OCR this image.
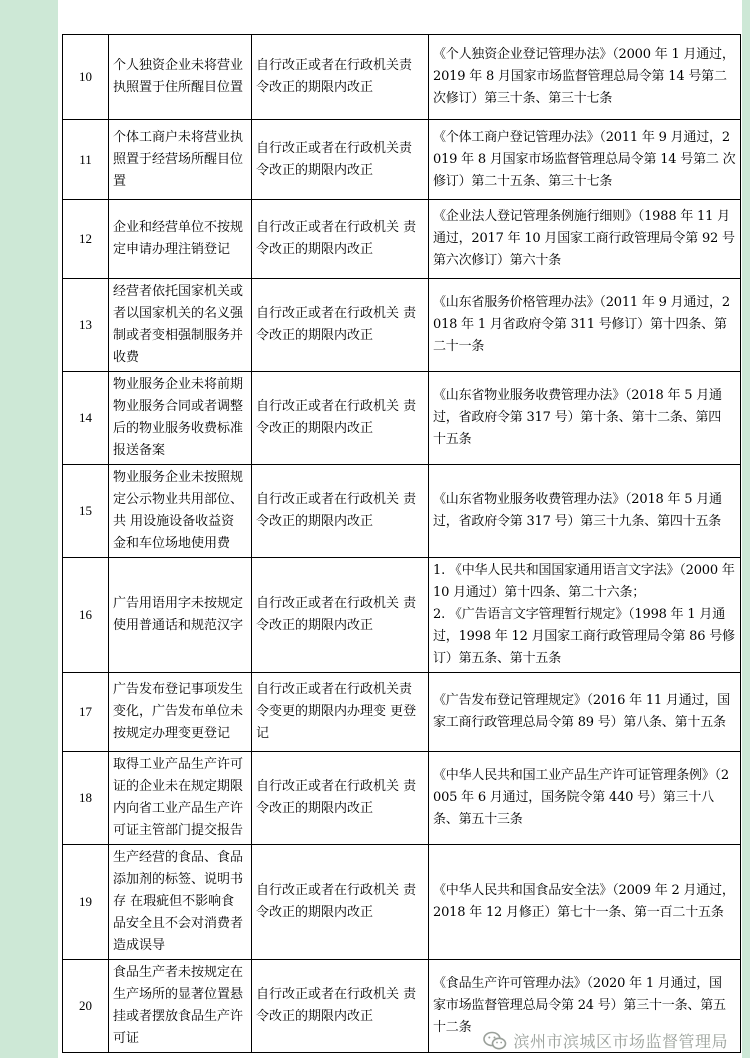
10	个人独资企业未将营业执照置于住所醒目位置	自行改正或者在行政机关责令改正的期限内改正	《个人独资企业登记管理办法》（2000 年 1 月通过，2019 年 8 月国家市场监督管理总局令第 14 号第二 次修订）第三十条、第三十七条

11	个体工商户未将营业执照置于经营场所醒目位置	自行改正或者在行政机关责令改正的期限内改正	《个体工商户登记管理办法》（2011 年 9 月通过，2019 年 8 月国家市场监督管理总局令第 14 号第二 次修订）第二十五条、第三十七条

12	企业和经营单位不按规定申请办理注销登记	自行改正或者在行政机关 责令改正的期限内改正	《企业法人登记管理条例施行细则》（1988 年 11 月 通过，2017 年 10 月国家工商行政管理局令第 92 号 第六次修订）第六十条

13	经营者依托国家机关或者以国家机关的名义强制或者变相强制服务并收费	自行改正或者在行政机关 责令改正的期限内改正	《山东省服务价格管理办法》（2011 年 9 月通过，2018 年 1 月省政府令第 311 号修订）第十四条、第 二十一条

14	物业服务企业未将前期物业服务合同或者调整后的物业服务收费标准报送备案	自行改正或者在行政机关 责令改正的期限内改正	《山东省物业服务收费管理办法》（2018 年 5 月通 过，省政府令第 317 号）第十条、第十二条、第四 十五条

15	物业服务企业未按照规定公示物业共用部位、共 用设施设备收益资金和车位场地使用费	自行改正或者在行政机关 责令改正的期限内改正	《山东省物业服务收费管理办法》（2018 年 5 月通 过，省政府令第 317 号）第三十九条、第四十五条

16	广告用语用字未按规定使用普通话和规范汉字	自行改正或者在行政机关 责令改正的期限内改正	1. 《中华人民共和国国家通用语言文字法》（2000 年 10 月通过）第十四条、第二十六条；
2. 《广告语言文字管理暂行规定》（1998 年 1 月通 过，1998 年 12 月国家工商行政管理局令第 86 号修 订）第五条、第十五条

17	广告发布登记事项发生变化，广告发布单位未按规定办理变更登记	自行改正或者在行政机关责令变更的期限内办理变 更登记	《广告发布登记管理规定》（2016 年 11 月通过，国家工商行政管理总局令第 89 号）第八条、第十五条

18	取得工业产品生产许可证的企业未在规定期限内向省工业产品生产许可证主管部门提交报告	自行改正或者在行政机关 责令改正的期限内改正	《中华人民共和国工业产品生产许可证管理条例》（2005 年 6 月通过，国务院令第 440 号）第三十八 条、第五十三条

19	生产经营的食品、食品添加剂的标签、说明书存 在瑕疵但不影响食品安全且不会对消费者造成误导	自行改正或者在行政机关 责令改正的期限内改正	《中华人民共和国食品安全法》（2009 年 2 月通过，2018 年 12 月修正）第七十一条、第一百二十五条

20	食品生产者未按规定在生产场所的显著位置悬挂或者摆放食品生产许可证	自行改正或者在行政机关 责令改正的期限内改正	《食品生产许可管理办法》（2020 年 1 月通过，国 家市场监督管理总局令第 24 号）第三十一条、第五 十二条
滨州市滨城区市场监督管理局
